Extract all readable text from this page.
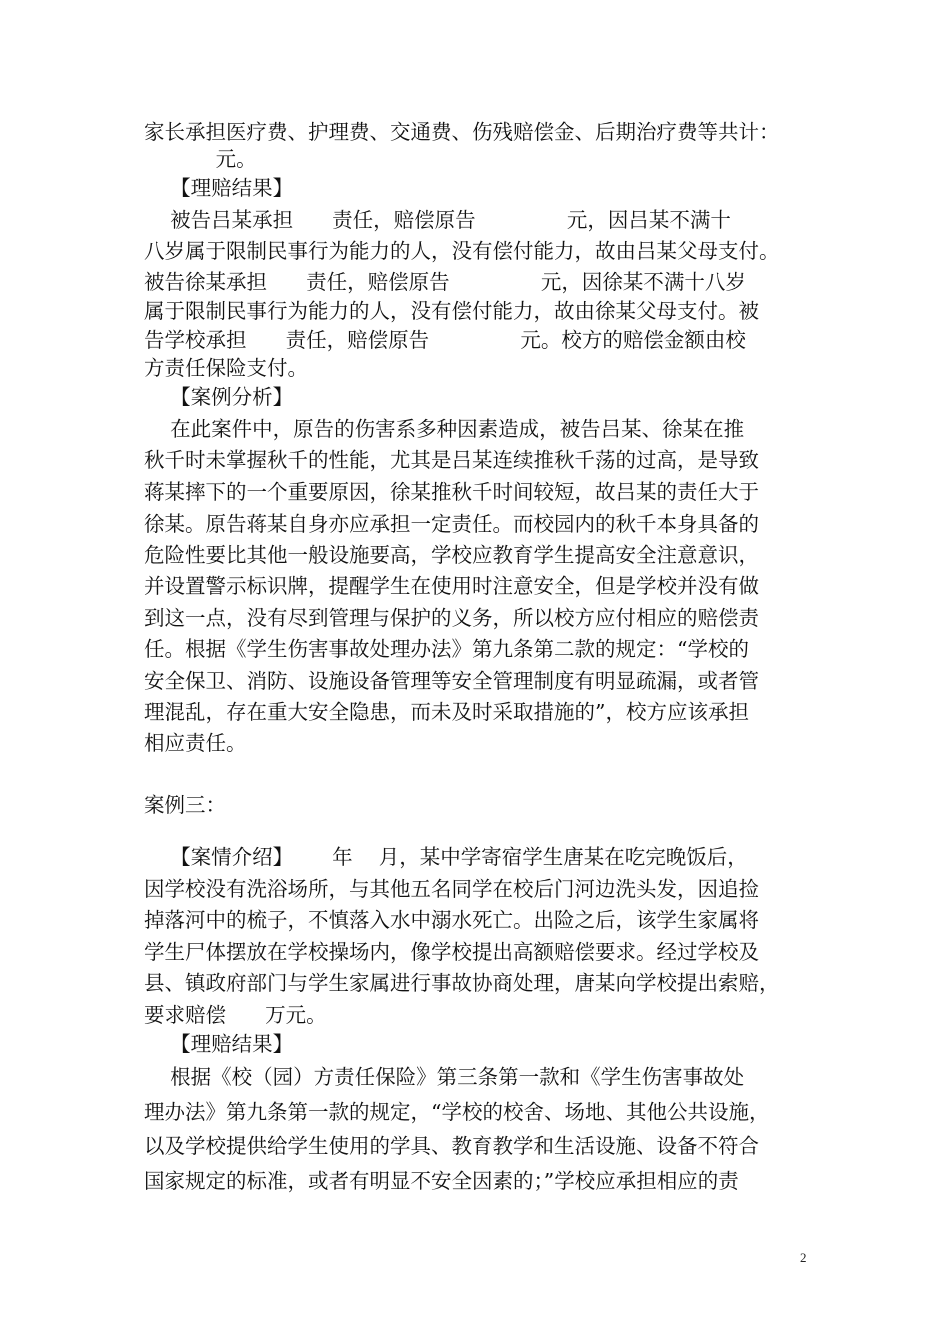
家长承担医疗费、护理费、交通费、伤残赔偿金、后期治疗费等共计：
元。
【理赔结果】
被告吕某承担      责任，赔偿原告              元，因吕某不满十
八岁属于限制民事行为能力的人，没有偿付能力，故由吕某父母支付。
被告徐某承担      责任，赔偿原告              元，因徐某不满十八岁
属于限制民事行为能力的人，没有偿付能力，故由徐某父母支付。被
告学校承担      责任，赔偿原告              元。校方的赔偿金额由校
方责任保险支付。
【案例分析】
在此案件中，原告的伤害系多种因素造成，被告吕某、徐某在推
秋千时未掌握秋千的性能，尤其是吕某连续推秋千荡的过高，是导致
蒋某摔下的一个重要原因，徐某推秋千时间较短，故吕某的责任大于
徐某。原告蒋某自身亦应承担一定责任。而校园内的秋千本身具备的
危险性要比其他一般设施要高，学校应教育学生提高安全注意意识，
并设置警示标识牌，提醒学生在使用时注意安全，但是学校并没有做
到这一点，没有尽到管理与保护的义务，所以校方应付相应的赔偿责
任。根据《学生伤害事故处理办法》第九条第二款的规定：“学校的
安全保卫、消防、设施设备管理等安全管理制度有明显疏漏，或者管
理混乱，存在重大安全隐患，而未及时采取措施的”，校方应该承担
相应责任。
案例三：
【案情介绍】      年    月，某中学寄宿学生唐某在吃完晚饭后，
因学校没有洗浴场所，与其他五名同学在校后门河边洗头发，因追捡
掉落河中的梳子，不慎落入水中溺水死亡。出险之后，该学生家属将
学生尸体摆放在学校操场内，像学校提出高额赔偿要求。经过学校及
县、镇政府部门与学生家属进行事故协商处理，唐某向学校提出索赔，
要求赔偿      万元。
【理赔结果】
根据《校（园）方责任保险》第三条第一款和《学生伤害事故处
理办法》第九条第一款的规定，“学校的校舍、场地、其他公共设施，
以及学校提供给学生使用的学具、教育教学和生活设施、设备不符合
国家规定的标准，或者有明显不安全因素的；”学校应承担相应的责
2
